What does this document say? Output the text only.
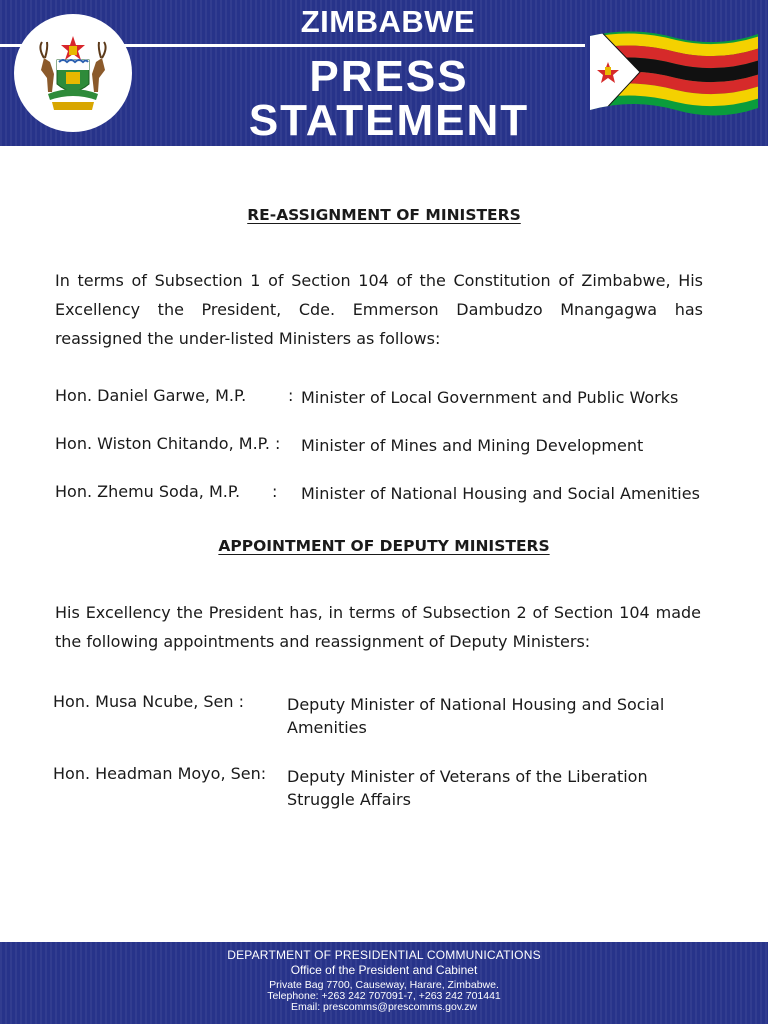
ZIMBABWE
PRESS
STATEMENT
RE-ASSIGNMENT OF MINISTERS
In terms of Subsection 1 of Section 104 of the Constitution of Zimbabwe, His Excellency the President, Cde. Emmerson Dambudzo Mnangagwa has reassigned the under-listed Ministers as follows:
Hon. Daniel Garwe, M.P.	: Minister of Local Government and Public Works
Hon. Wiston Chitando, M.P. : Minister of Mines and Mining Development
Hon. Zhemu Soda, M.P. : Minister of National Housing and Social Amenities
APPOINTMENT OF DEPUTY MINISTERS
His Excellency the President has, in terms of Subsection 2 of Section 104 made the following appointments and reassignment of Deputy Ministers:
Hon. Musa Ncube, Sen :	Deputy Minister of National Housing and Social
Amenities
Hon. Headman Moyo, Sen: Deputy Minister of Veterans of the Liberation
Struggle Affairs
DEPARTMENT OF PRESIDENTIAL COMMUNICATIONS
Office of the President and Cabinet
Private Bag 7700, Causeway, Harare, Zimbabwe.
Telephone: +263 242 707091-7, +263 242 701441
Email: prescomms@prescomms.gov.zw
